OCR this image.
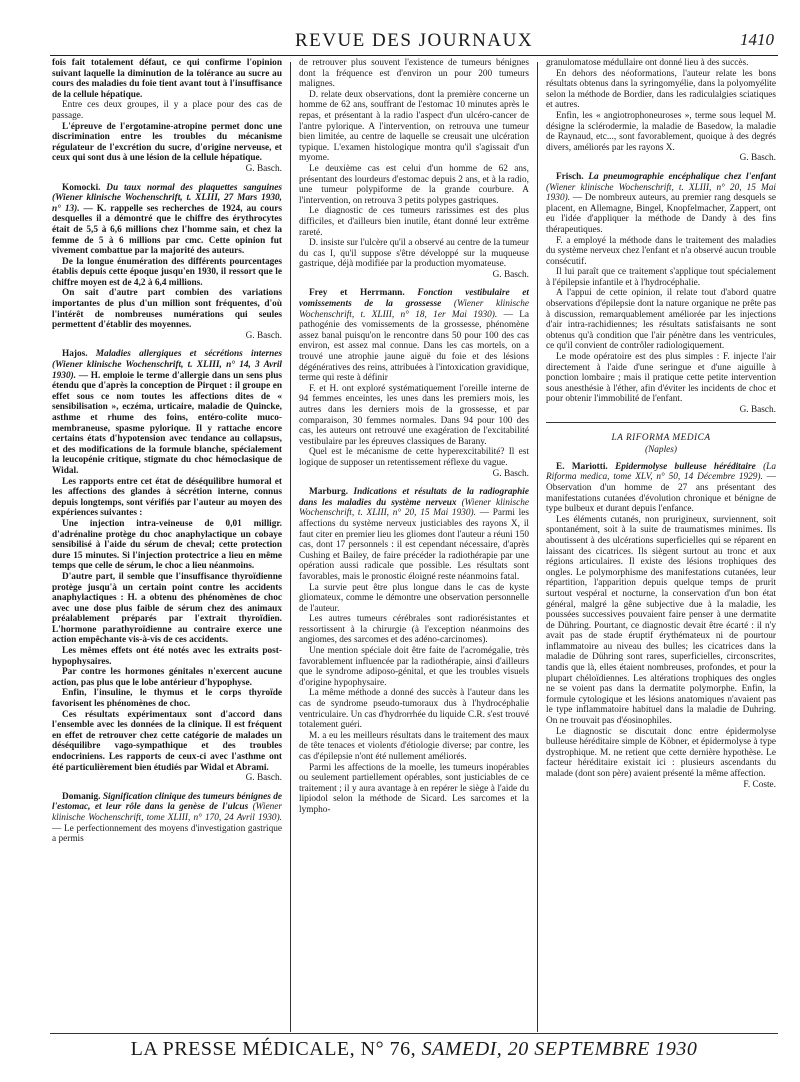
REVUE DES JOURNAUX	1410

fois fait totalement défaut, ce qui confirme l'opinion suivant laquelle la diminution de la tolérance au sucre au cours des maladies du foie tient avant tout à l'insuffisance de la cellule hépatique.

Entre ces deux groupes, il y a place pour des cas de passage.

L'épreuve de l'ergotamine-atropine permet donc une discrimination entre les troubles du mécanisme régulateur de l'excrétion du sucre, d'origine nerveuse, et ceux qui sont dus à une lésion de la cellule hépatique.

G. Basch.

Komocki. Du taux normal des plaquettes sanguines (Wiener klinische Wochenschrift, t. XLIII, 27 Mars 1930, n° 13). — K. rappelle ses recherches de 1924, au cours desquelles il a démontré que le chiffre des érythrocytes était de 5,5 à 6,6 millions chez l'homme sain, et chez la femme de 5 à 6 millions par cmc. Cette opinion fut vivement combattue par la majorité des auteurs.

De la longue énumération des différents pourcentages établis depuis cette époque jusqu'en 1930, il ressort que le chiffre moyen est de 4,2 à 6,4 millions.

On sait d'autre part combien des variations importantes de plus d'un million sont fréquentes, d'où l'intérêt de nombreuses numérations qui seules permettent d'établir des moyennes.

G. Basch.

Hajos. Maladies allergiques et sécrétions internes (Wiener klinische Wochenschrift, t. XLIII, n° 14, 3 Avril 1930). — H. emploie le terme d'allergie dans un sens plus étendu que d'après la conception de Pirquet : il groupe en effet sous ce nom toutes les affections dites de « sensibilisation », eczéma, urticaire, maladie de Quincke, asthme et rhume des foins, entéro-colite muco-membraneuse, spasme pylorique. Il y rattache encore certains états d'hypotension avec tendance au collapsus, et des modifications de la formule blanche, spécialement la leucopénie critique, stigmate du choc hémoclasique de Widal.

Les rapports entre cet état de déséquilibre humoral et les affections des glandes à sécrétion interne, connus depuis longtemps, sont vérifiés par l'auteur au moyen des expériences suivantes :

Une injection intra-veineuse de 0,01 milligr. d'adrénaline protège du choc anaphylactique un cobaye sensibilisé à l'aide du sérum de cheval; cette protection dure 15 minutes. Si l'injection protectrice a lieu en même temps que celle de sérum, le choc a lieu néanmoins.

D'autre part, il semble que l'insuffisance thyroïdienne protège jusqu'à un certain point contre les accidents anaphylactiques : H. a obtenu des phénomènes de choc avec une dose plus faible de sérum chez des animaux préalablement préparés par l'extrait thyroïdien. L'hormone parathyroïdienne au contraire exerce une action empêchante vis-à-vis de ces accidents.

Les mêmes effets ont été notés avec les extraits post-hypophysaires.

Par contre les hormones génitales n'exercent aucune action, pas plus que le lobe antérieur d'hypophyse.

Enfin, l'insuline, le thymus et le corps thyroïde favorisent les phénomènes de choc.

Ces résultats expérimentaux sont d'accord dans l'ensemble avec les données de la clinique. Il est fréquent en effet de retrouver chez cette catégorie de malades un déséquilibre vago-sympathique et des troubles endocriniens. Les rapports de ceux-ci avec l'asthme ont été particulièrement bien étudiés par Widal et Abrami.

G. Basch.

Domanig. Signification clinique des tumeurs bénignes de l'estomac, et leur rôle dans la genèse de l'ulcus (Wiener klinische Wochenschrift, tome XLIII, n° 170, 24 Avril 1930). — Le perfectionnement des moyens d'investigation gastrique a permis

de retrouver plus souvent l'existence de tumeurs bénignes dont la fréquence est d'environ un pour 200 tumeurs malignes.

D. relate deux observations, dont la première concerne un homme de 62 ans, souffrant de l'estomac 10 minutes après le repas, et présentant à la radio l'aspect d'un ulcéro-cancer de l'antre pylorique. A l'intervention, on retrouva une tumeur bien limitée, au centre de laquelle se creusait une ulcération typique. L'examen histologique montra qu'il s'agissait d'un myome.

Le deuxième cas est celui d'un homme de 62 ans, présentant des lourdeurs d'estomac depuis 2 ans, et à la radio, une tumeur polypiforme de la grande courbure. A l'intervention, on retrouva 3 petits polypes gastriques.

Le diagnostic de ces tumeurs rarissimes est des plus difficiles, et d'ailleurs bien inutile, étant donné leur extrême rareté.

D. insiste sur l'ulcère qu'il a observé au centre de la tumeur du cas I, qu'il suppose s'être développé sur la muqueuse gastrique, déjà modifiée par la production myomateuse.

G. Basch.

Frey et Herrmann. Fonction vestibulaire et vomissements de la grossesse (Wiener klinische Wochenschrift, t. XLIII, n° 18, 1er Mai 1930). — La pathogénie des vomissements de la grossesse, phénomène assez banal puisqu'on le rencontre dans 50 pour 100 des cas environ, est assez mal connue. Dans les cas mortels, on a trouvé une atrophie jaune aiguë du foie et des lésions dégénératives des reins, attribuées à l'intoxication gravidique, terme qui reste à définir

F. et H. ont exploré systématiquement l'oreille interne de 94 femmes enceintes, les unes dans les premiers mois, les autres dans les derniers mois de la grossesse, et par comparaison, 30 femmes normales. Dans 94 pour 100 des cas, les auteurs ont retrouvé une exagération de l'excitabilité vestibulaire par les épreuves classiques de Barany.

Quel est le mécanisme de cette hyperexcitabilité? Il est logique de supposer un retentissement réflexe du vague.

G. Basch.

Marburg. Indications et résultats de la radiographie dans les maladies du système nerveux (Wiener klinische Wochenschrift, t. XLIII, n° 20, 15 Mai 1930). — Parmi les affections du système nerveux justiciables des rayons X, il faut citer en premier lieu les gliomes dont l'auteur a réuni 150 cas, dont 17 personnels : il est cependant nécessaire, d'après Cushing et Bailey, de faire précéder la radiothérapie par une opération aussi radicale que possible. Les résultats sont favorables, mais le pronostic éloigné reste néanmoins fatal.

La survie peut être plus longue dans le cas de kyste gliomateux, comme le démontre une observation personnelle de l'auteur.

Les autres tumeurs cérébrales sont radiorésistantes et ressortissent à la chirurgie (à l'exception néanmoins des angiomes, des sarcomes et des adéno-carcinomes).

Une mention spéciale doit être faite de l'acromégalie, très favorablement influencée par la radiothérapie, ainsi d'ailleurs que le syndrome adiposo-génital, et que les troubles visuels d'origine hypophysaire.

La même méthode a donné des succès à l'auteur dans les cas de syndrome pseudo-tumoraux dus à l'hydrocéphalie ventriculaire. Un cas d'hydrorrhée du liquide C.R. s'est trouvé totalement guéri.

M. a eu les meilleurs résultats dans le traitement des maux de tête tenaces et violents d'étiologie diverse; par contre, les cas d'épilepsie n'ont été nullement améliorés.

Parmi les affections de la moelle, les tumeurs inopérables ou seulement partiellement opérables, sont justiciables de ce traitement ; il y aura avantage à en repérer le siège à l'aide du lipiodol selon la méthode de Sicard. Les sarcomes et la lympho-

granulomatose médullaire ont donné lieu à des succès.

En dehors des néoformations, l'auteur relate les bons résultats obtenus dans la syringomyélie, dans la polyomyélite selon la méthode de Bordier, dans les radiculalgies sciatiques et autres.

Enfin, les « angiotrophoneuroses », terme sous lequel M. désigne la sclérodermie, la maladie de Basedow, la maladie de Raynaud, etc..., sont favorablement, quoique à des degrés divers, améliorés par les rayons X.

G. Basch.

Frisch. La pneumographie encéphalique chez l'enfant (Wiener klinische Wochenschrift, t. XLIII, n° 20, 15 Mai 1930). — De nombreux auteurs, au premier rang desquels se placent, en Allemagne, Bingel, Knopfelmacher, Zappert, ont eu l'idée d'appliquer la méthode de Dandy à des fins thérapeutiques.

F. a employé la méthode dans le traitement des maladies du système nerveux chez l'enfant et n'a observé aucun trouble consécutif.

Il lui paraît que ce traitement s'applique tout spécialement à l'épilepsie infantile et à l'hydrocéphalie.

A l'appui de cette opinion, il relate tout d'abord quatre observations d'épilepsie dont la nature organique ne prête pas à discussion, remarquablement améliorée par les injections d'air intra-rachidiennes; les résultats satisfaisants ne sont obtenus qu'à condition que l'air pénètre dans les ventricules, ce qu'il convient de contrôler radiologiquement.

Le mode opératoire est des plus simples : F. injecte l'air directement à l'aide d'une seringue et d'une aiguille à ponction lombaire ; mais il pratique cette petite intervention sous anesthésie à l'éther, afin d'éviter les incidents de choc et pour obtenir l'immobilité de l'enfant.

G. Basch.

LA RIFORMA MEDICA

(Naples)

E. Mariotti. Epidermolyse bulleuse héréditaire (La Riforma medica, tome XLV, n° 50, 14 Décembre 1929). — Observation d'un homme de 27 ans présentant des manifestations cutanées d'évolution chronique et bénigne de type bulbeux et durant depuis l'enfance.

Les éléments cutanés, non prurigineux, surviennent, soit spontanément, soit à la suite de traumatismes minimes. Ils aboutissent à des ulcérations superficielles qui se réparent en laissant des cicatrices. Ils siègent surtout au tronc et aux régions articulaires. Il existe des lésions trophiques des ongles. Le polymorphisme des manifestations cutanées, leur répartition, l'apparition depuis quelque temps de prurit surtout vespéral et nocturne, la conservation d'un bon état général, malgré la gêne subjective due à la maladie, les poussées successives pouvaient faire penser à une dermatite de Dühring. Pourtant, ce diagnostic devait être écarté : il n'y avait pas de stade éruptif érythémateux ni de pourtour inflammatoire au niveau des bulles; les cicatrices dans la maladie de Dühring sont rares, superficielles, circonscrites, tandis que là, elles étaient nombreuses, profondes, et pour la plupart chéloïdiennes. Les altérations trophiques des ongles ne se voient pas dans la dermatite polymorphe. Enfin, la formule cytologique et les lésions anatomiques n'avaient pas le type inflammatoire habituel dans la maladie de Duhring. On ne trouvait pas d'éosinophiles.

Le diagnostic se discutait donc entre épidermolyse bulleuse héréditaire simple de Köbner, et épidermolyse à type dystrophique. M. ne retient que cette dernière hypothèse. Le facteur héréditaire existait ici : plusieurs ascendants du malade (dont son père) avaient présenté la même affection.

F. Coste.

LA PRESSE MÉDICALE, N° 76, SAMEDI, 20 SEPTEMBRE 1930
